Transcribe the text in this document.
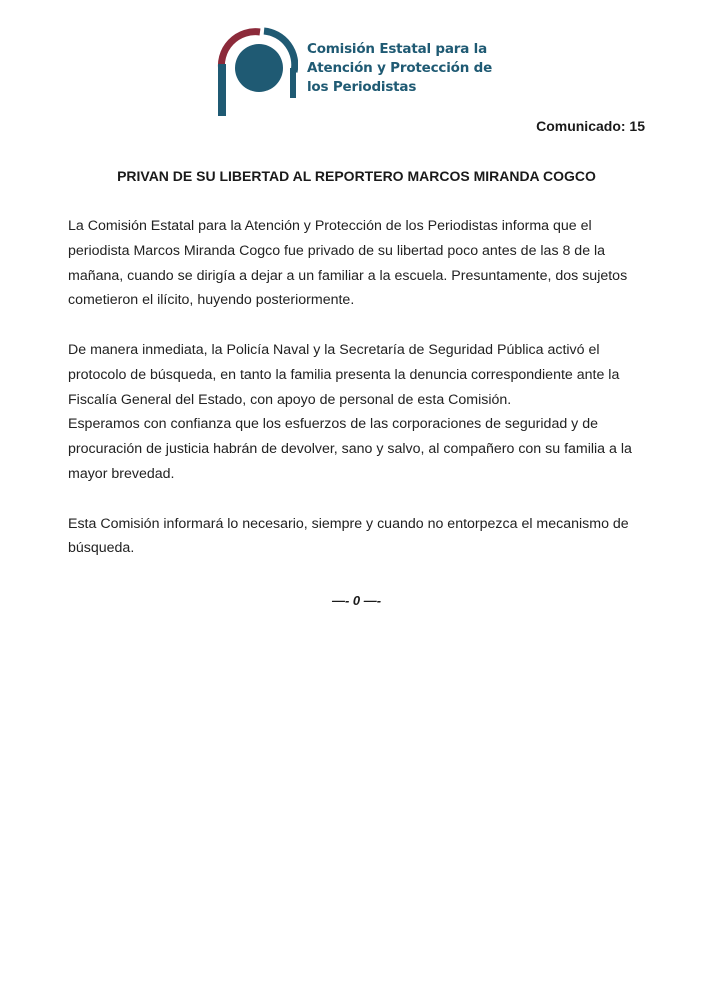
Comisión Estatal para la
Atención y Protección de
los Periodistas
Comunicado: 15
PRIVAN DE SU LIBERTAD AL REPORTERO MARCOS MIRANDA COGCO

La Comisión Estatal para la Atención y Protección de los Periodistas informa que el periodista Marcos Miranda Cogco fue privado de su libertad poco antes de las 8 de la mañana, cuando se dirigía a dejar a un familiar a la escuela. Presuntamente, dos sujetos cometieron el ilícito, huyendo posteriormente.

De manera inmediata, la Policía Naval y la Secretaría de Seguridad Pública activó el protocolo de búsqueda, en tanto la familia presenta la denuncia correspondiente ante la Fiscalía General del Estado, con apoyo de personal de esta Comisión.

Esperamos con confianza que los esfuerzos de las corporaciones de seguridad y de procuración de justicia habrán de devolver, sano y salvo, al compañero con su familia a la mayor brevedad.

Esta Comisión informará lo necesario, siempre y cuando no entorpezca el mecanismo de búsqueda.

—- 0 —-
